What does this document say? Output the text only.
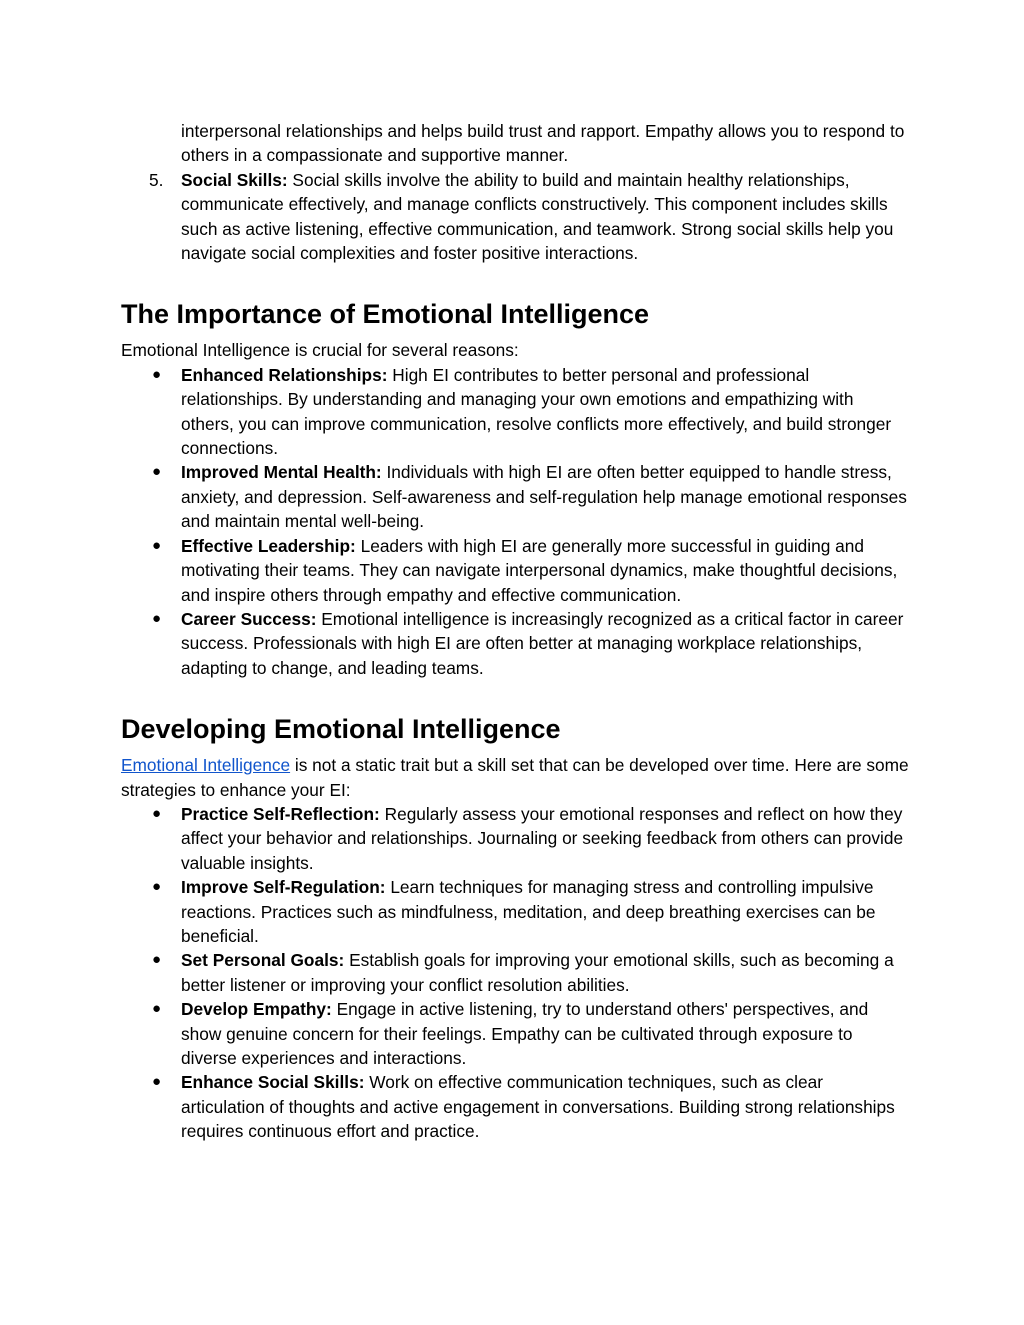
interpersonal relationships and helps build trust and rapport. Empathy allows you to respond to others in a compassionate and supportive manner.

5.	Social Skills: Social skills involve the ability to build and maintain healthy relationships, communicate effectively, and manage conflicts constructively. This component includes skills such as active listening, effective communication, and teamwork. Strong social skills help you navigate social complexities and foster positive interactions.
The Importance of Emotional Intelligence

Emotional Intelligence is crucial for several reasons:

●	Enhanced Relationships: High EI contributes to better personal and professional relationships. By understanding and managing your own emotions and empathizing with others, you can improve communication, resolve conflicts more effectively, and build stronger connections.
●	Improved Mental Health: Individuals with high EI are often better equipped to handle stress, anxiety, and depression. Self-awareness and self-regulation help manage emotional responses and maintain mental well-being.
●	Effective Leadership: Leaders with high EI are generally more successful in guiding and motivating their teams. They can navigate interpersonal dynamics, make thoughtful decisions, and inspire others through empathy and effective communication.
●	Career Success: Emotional intelligence is increasingly recognized as a critical factor in career success. Professionals with high EI are often better at managing workplace relationships, adapting to change, and leading teams.
Developing Emotional Intelligence

Emotional Intelligence is not a static trait but a skill set that can be developed over time. Here are some strategies to enhance your EI:

●	Practice Self-Reflection: Regularly assess your emotional responses and reflect on how they affect your behavior and relationships. Journaling or seeking feedback from others can provide valuable insights.
●	Improve Self-Regulation: Learn techniques for managing stress and controlling impulsive reactions. Practices such as mindfulness, meditation, and deep breathing exercises can be beneficial.
●	Set Personal Goals: Establish goals for improving your emotional skills, such as becoming a better listener or improving your conflict resolution abilities.
●	Develop Empathy: Engage in active listening, try to understand others' perspectives, and show genuine concern for their feelings. Empathy can be cultivated through exposure to diverse experiences and interactions.
●	Enhance Social Skills: Work on effective communication techniques, such as clear articulation of thoughts and active engagement in conversations. Building strong relationships requires continuous effort and practice.
